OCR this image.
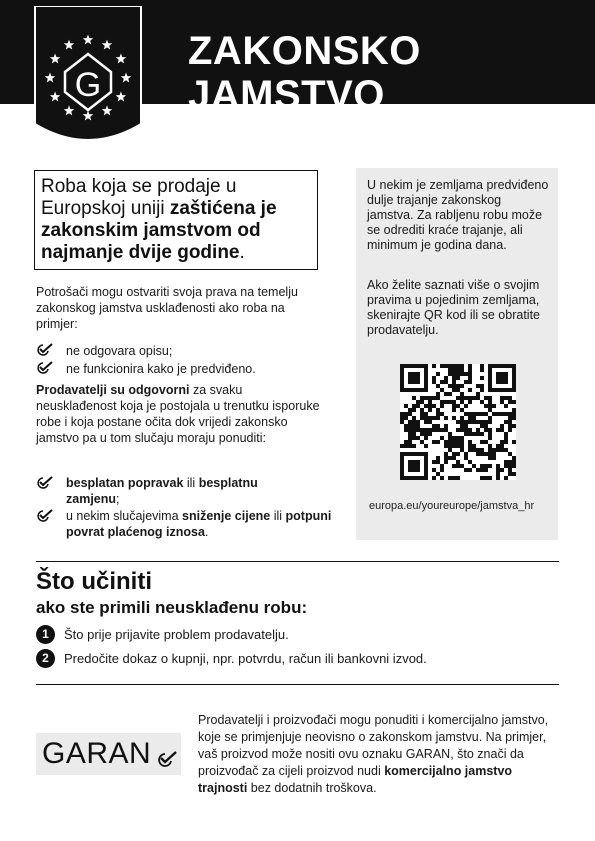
G
ZAKONSKO
JAMSTVO
Roba koja se prodaje u Europskoj uniji zaštićena je zakonskim jamstvom od najmanje dvije godine.
U nekim je zemljama predviđeno dulje trajanje zakonskog jamstva. Za rabljenu robu može se odrediti kraće trajanje, ali minimum je godina dana.
Ako želite saznati više o svojim pravima u pojedinim zemljama, skenirajte QR kod ili se obratite prodavatelju.
europa.eu/youreurope/jamstva_hr
Potrošači mogu ostvariti svoja prava na temelju zakonskog jamstva usklađenosti ako roba na primjer:
ne odgovara opisu;
ne funkcionira kako je predviđeno.
Prodavatelji su odgovorni za svaku neusklađenost koja je postojala u trenutku isporuke robe i koja postane očita dok vrijedi zakonsko jamstvo pa u tom slučaju moraju ponuditi:
besplatan popravak ili besplatnu zamjenu;
u nekim slučajevima sniženje cijene ili potpuni povrat plaćenog iznosa.
Što učiniti
ako ste primili neusklađenu robu:
1	Što prije prijavite problem prodavatelju.
2	Predočite dokaz o kupnji, npr. potvrdu, račun ili bankovni izvod.
GARAN
Prodavatelji i proizvođači mogu ponuditi i komercijalno jamstvo, koje se primjenjuje neovisno o zakonskom jamstvu. Na primjer, vaš proizvod može nositi ovu oznaku GARAN, što znači da proizvođač za cijeli proizvod nudi komercijalno jamstvo trajnosti bez dodatnih troškova.
